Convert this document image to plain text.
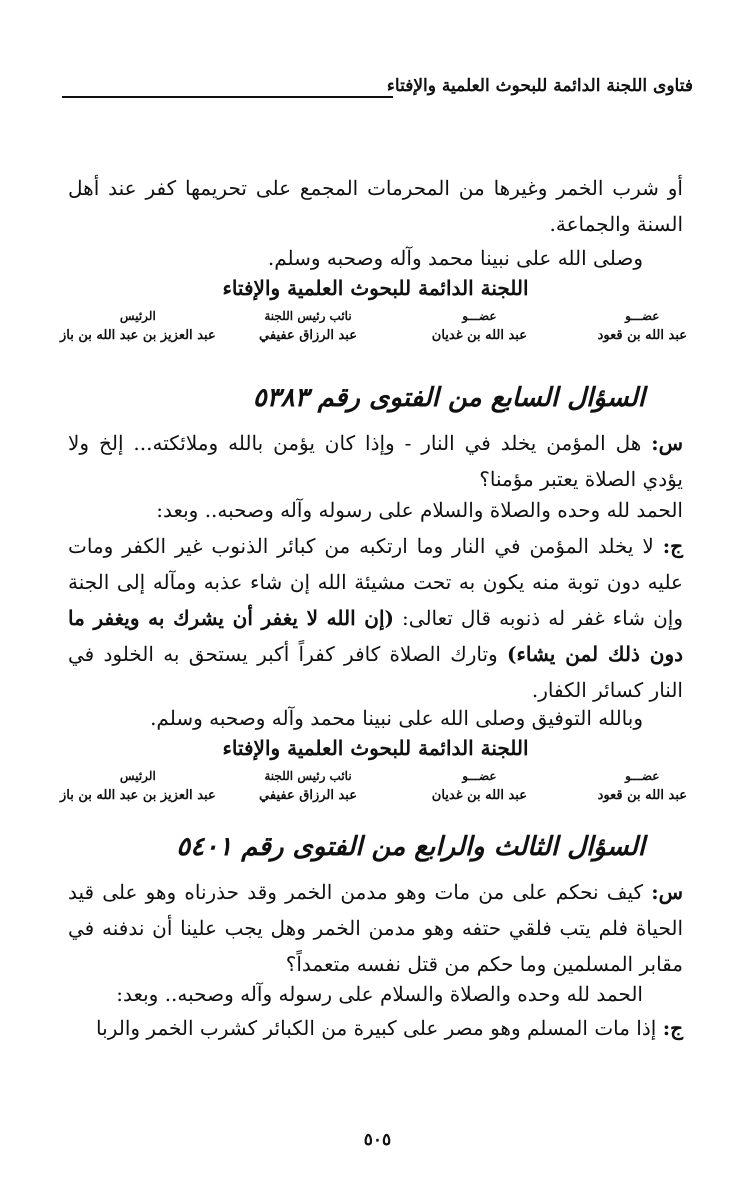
فتاوى اللجنة الدائمة للبحوث العلمية والإفتاء
أو شرب الخمر وغيرها من المحرمات المجمع على تحريمها كفر عند أهل السنة والجماعة.
وصلى الله على نبينا محمد وآله وصحبه وسلم.
اللجنة الدائمة للبحوث العلمية والإفتاء
عضـــو
عبد الله بن قعود
عضـــو
عبد الله بن غديان
نائب رئيس اللجنة
عبد الرزاق عفيفي
الرئيس
عبد العزيز بن عبد الله بن باز
السؤال السابع من الفتوى رقم ٥٣٨٣
س: هل المؤمن يخلد في النار - وإذا كان يؤمن بالله وملائكته... إلخ ولا يؤدي الصلاة يعتبر مؤمنا؟
الحمد لله وحده والصلاة والسلام على رسوله وآله وصحبه.. وبعد:
ج: لا يخلد المؤمن في النار وما ارتكبه من كبائر الذنوب غير الكفر ومات عليه دون توبة منه يكون به تحت مشيئة الله إن شاء عذبه ومآله إلى الجنة وإن شاء غفر له ذنوبه قال تعالى: (إن الله لا يغفر أن يشرك به ويغفر ما دون ذلك لمن يشاء) وتارك الصلاة كافر كفراً أكبر يستحق به الخلود في النار كسائر الكفار.
وبالله التوفيق وصلى الله على نبينا محمد وآله وصحبه وسلم.
اللجنة الدائمة للبحوث العلمية والإفتاء
عضـــو
عبد الله بن قعود
عضـــو
عبد الله بن غديان
نائب رئيس اللجنة
عبد الرزاق عفيفي
الرئيس
عبد العزيز بن عبد الله بن باز
السؤال الثالث والرابع من الفتوى رقم ٥٤٠١
س: كيف نحكم على من مات وهو مدمن الخمر وقد حذرناه وهو على قيد الحياة فلم يتب فلقي حتفه وهو مدمن الخمر وهل يجب علينا أن ندفنه في مقابر المسلمين وما حكم من قتل نفسه متعمداً؟
الحمد لله وحده والصلاة والسلام على رسوله وآله وصحبه.. وبعد:
ج: إذا مات المسلم وهو مصر على كبيرة من الكبائر كشرب الخمر والربا
٥٠٥
